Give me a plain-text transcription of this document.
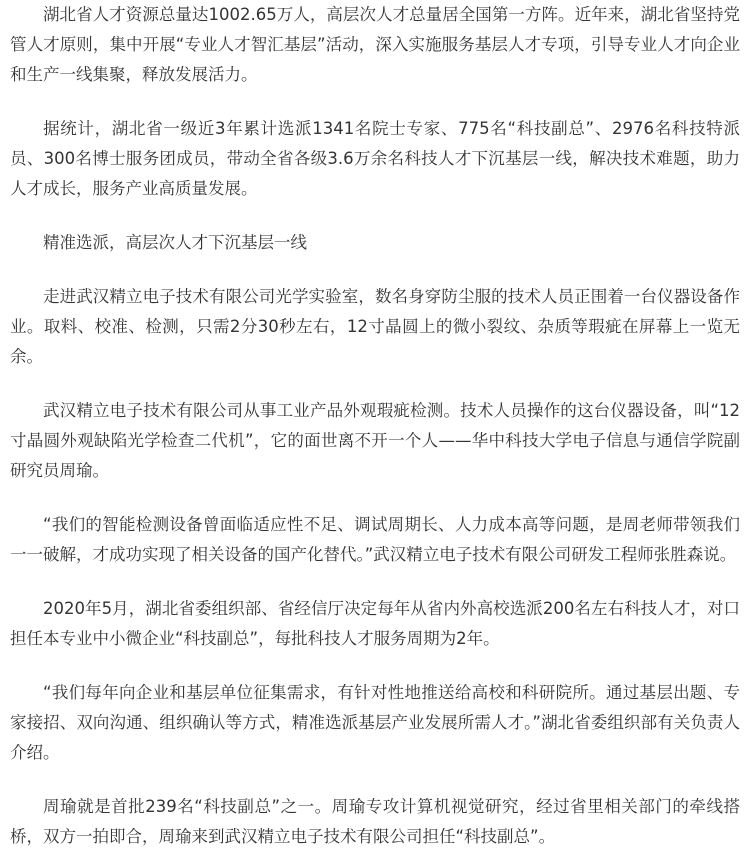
湖北省人才资源总量达1002.65万人，高层次人才总量居全国第一方阵。近年来，湖北省坚持党管人才原则，集中开展“专业人才智汇基层”活动，深入实施服务基层人才专项，引导专业人才向企业和生产一线集聚，释放发展活力。

据统计，湖北省一级近3年累计选派1341名院士专家、775名“科技副总”、2976名科技特派员、300名博士服务团成员，带动全省各级3.6万余名科技人才下沉基层一线，解决技术难题，助力人才成长，服务产业高质量发展。

精准选派，高层次人才下沉基层一线

走进武汉精立电子技术有限公司光学实验室，数名身穿防尘服的技术人员正围着一台仪器设备作业。取料、校准、检测，只需2分30秒左右，12寸晶圆上的微小裂纹、杂质等瑕疵在屏幕上一览无余。

武汉精立电子技术有限公司从事工业产品外观瑕疵检测。技术人员操作的这台仪器设备，叫“12寸晶圆外观缺陷光学检查二代机”，它的面世离不开一个人——华中科技大学电子信息与通信学院副研究员周瑜。

“我们的智能检测设备曾面临适应性不足、调试周期长、人力成本高等问题，是周老师带领我们一一破解，才成功实现了相关设备的国产化替代。”武汉精立电子技术有限公司研发工程师张胜森说。

2020年5月，湖北省委组织部、省经信厅决定每年从省内外高校选派200名左右科技人才，对口担任本专业中小微企业“科技副总”，每批科技人才服务周期为2年。

“我们每年向企业和基层单位征集需求，有针对性地推送给高校和科研院所。通过基层出题、专家接招、双向沟通、组织确认等方式，精准选派基层产业发展所需人才。”湖北省委组织部有关负责人介绍。

周瑜就是首批239名“科技副总”之一。周瑜专攻计算机视觉研究，经过省里相关部门的牵线搭桥，双方一拍即合，周瑜来到武汉精立电子技术有限公司担任“科技副总”。
